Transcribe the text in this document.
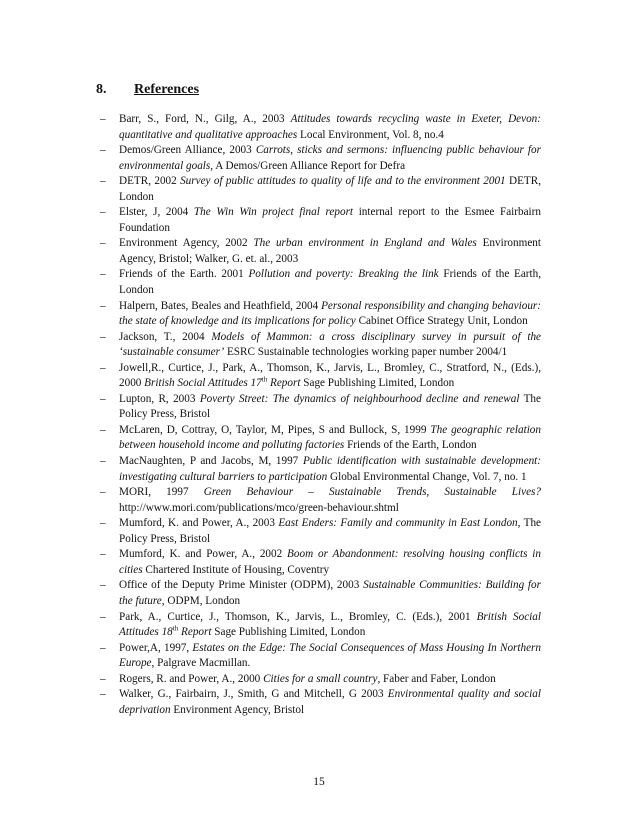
8. References
– Barr, S., Ford, N., Gilg, A., 2003 Attitudes towards recycling waste in Exeter, Devon: quantitative and qualitative approaches Local Environment, Vol. 8, no.4
– Demos/Green Alliance, 2003 Carrots, sticks and sermons: influencing public behaviour for environmental goals, A Demos/Green Alliance Report for Defra
– DETR, 2002 Survey of public attitudes to quality of life and to the environment 2001 DETR, London
– Elster, J, 2004 The Win Win project final report internal report to the Esmee Fairbairn Foundation
– Environment Agency, 2002 The urban environment in England and Wales Environment Agency, Bristol; Walker, G. et. al., 2003
– Friends of the Earth. 2001 Pollution and poverty: Breaking the link Friends of the Earth, London
– Halpern, Bates, Beales and Heathfield, 2004 Personal responsibility and changing behaviour: the state of knowledge and its implications for policy Cabinet Office Strategy Unit, London
– Jackson, T., 2004 Models of Mammon: a cross disciplinary survey in pursuit of the ‘sustainable consumer’ ESRC Sustainable technologies working paper number 2004/1
– Jowell,R., Curtice, J., Park, A., Thomson, K., Jarvis, L., Bromley, C., Stratford, N., (Eds.), 2000 British Social Attitudes 17th Report Sage Publishing Limited, London
– Lupton, R, 2003 Poverty Street: The dynamics of neighbourhood decline and renewal The Policy Press, Bristol
– McLaren, D, Cottray, O, Taylor, M, Pipes, S and Bullock, S, 1999 The geographic relation between household income and polluting factories Friends of the Earth, London
– MacNaughten, P and Jacobs, M, 1997 Public identification with sustainable development: investigating cultural barriers to participation Global Environmental Change, Vol. 7, no. 1
– MORI, 1997 Green Behaviour – Sustainable Trends, Sustainable Lives? http://www.mori.com/publications/mco/green-behaviour.shtml
– Mumford, K. and Power, A., 2003 East Enders: Family and community in East London, The Policy Press, Bristol
– Mumford, K. and Power, A., 2002 Boom or Abandonment: resolving housing conflicts in cities Chartered Institute of Housing, Coventry
– Office of the Deputy Prime Minister (ODPM), 2003 Sustainable Communities: Building for the future, ODPM, London
– Park, A., Curtice, J., Thomson, K., Jarvis, L., Bromley, C. (Eds.), 2001 British Social Attitudes 18th Report Sage Publishing Limited, London
– Power,A, 1997, Estates on the Edge: The Social Consequences of Mass Housing In Northern Europe, Palgrave Macmillan.
– Rogers, R. and Power, A., 2000 Cities for a small country, Faber and Faber, London
– Walker, G., Fairbairn, J., Smith, G and Mitchell, G 2003 Environmental quality and social deprivation Environment Agency, Bristol
15
